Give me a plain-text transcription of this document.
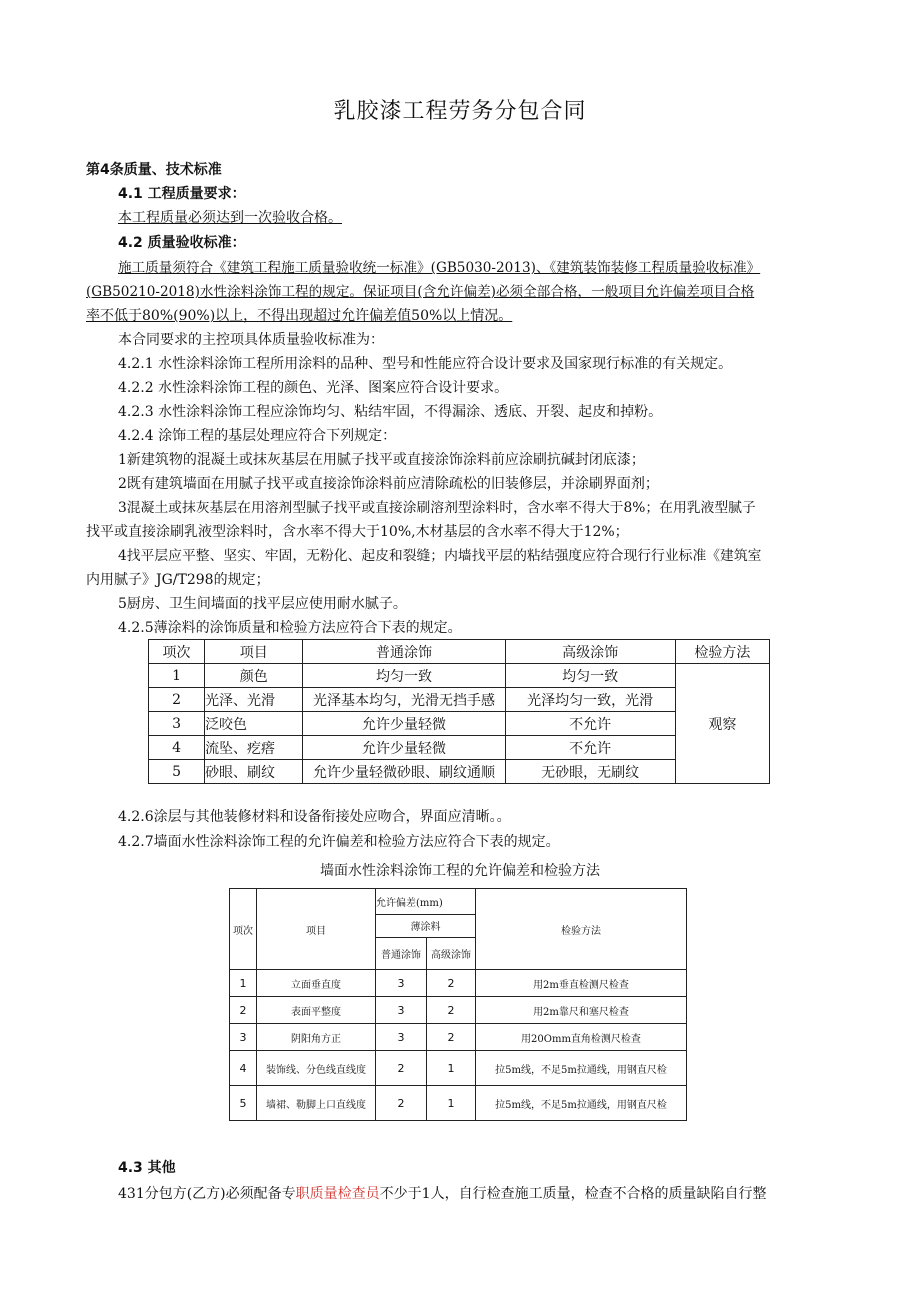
乳胶漆工程劳务分包合同
第4条质量、技术标准
4.1 工程质量要求：
本工程质量必须达到一次验收合格。
4.2 质量验收标准：
施工质量须符合《建筑工程施工质量验收统一标准》(GB5030-2013)、《建筑装饰装修工程质量验收标准》
(GB50210-2018)水性涂料涂饰工程的规定。保证项目(含允许偏差)必须全部合格，一般项目允许偏差项目合格
率不低于80%(90%)以上，不得出现超过允许偏差值50%以上情况。
本合同要求的主控项具体质量验收标准为：
4.2.1 水性涂料涂饰工程所用涂料的品种、型号和性能应符合设计要求及国家现行标准的有关规定。
4.2.2 水性涂料涂饰工程的颜色、光泽、图案应符合设计要求。
4.2.3 水性涂料涂饰工程应涂饰均匀、粘结牢固，不得漏涂、透底、开裂、起皮和掉粉。
4.2.4 涂饰工程的基层处理应符合下列规定：
1新建筑物的混凝土或抹灰基层在用腻子找平或直接涂饰涂料前应涂刷抗碱封闭底漆；
2既有建筑墙面在用腻子找平或直接涂饰涂料前应清除疏松的旧装修层，并涂刷界面剂；
3混凝土或抹灰基层在用溶剂型腻子找平或直接涂刷溶剂型涂料时，含水率不得大于8%；在用乳液型腻子
找平或直接涂刷乳液型涂料时，含水率不得大于10%,木材基层的含水率不得大于12%；
4找平层应平整、坚实、牢固，无粉化、起皮和裂缝；内墙找平层的粘结强度应符合现行行业标准《建筑室
内用腻子》JG/T298的规定；
5厨房、卫生间墙面的找平层应使用耐水腻子。
4.2.5薄涂料的涂饰质量和检验方法应符合下表的规定。
项次	项目	普通涂饰	高级涂饰	检验方法
1	颜色	均匀一致	均匀一致	观察
2	光泽、光滑	光泽基本均匀，光滑无挡手感	光泽均匀一致，光滑	
3	泛咬色	允许少量轻微	不允许	
4	流坠、疙瘩	允许少量轻微	不允许	
5	砂眼、刷纹	允许少量轻微砂眼、刷纹通顺	无砂眼，无刷纹	
4.2.6涂层与其他装修材料和设备衔接处应吻合，界面应清晰。。
4.2.7墙面水性涂料涂饰工程的允许偏差和检验方法应符合下表的规定。
墙面水性涂料涂饰工程的允许偏差和检验方法
项次	项目	允许偏差(mm)		检验方法
		薄涂料		
		普通涂饰	高级涂饰	
1	立面垂直度	3	2	用2m垂直检测尺检查
2	表面平整度	3	2	用2m靠尺和塞尺检查
3	阴阳角方正	3	2	用20Omm直角检测尺检查
4	装饰线、分色线直线度	2	1	拉5m线，不足5m拉通线，用钢直尺检
5	墙裙、勒脚上口直线度	2	1	拉5m线，不足5m拉通线，用钢直尺检
4.3 其他
431分包方(乙方)必须配备专职质量检查员不少于1人，自行检查施工质量，检查不合格的质量缺陷自行整
